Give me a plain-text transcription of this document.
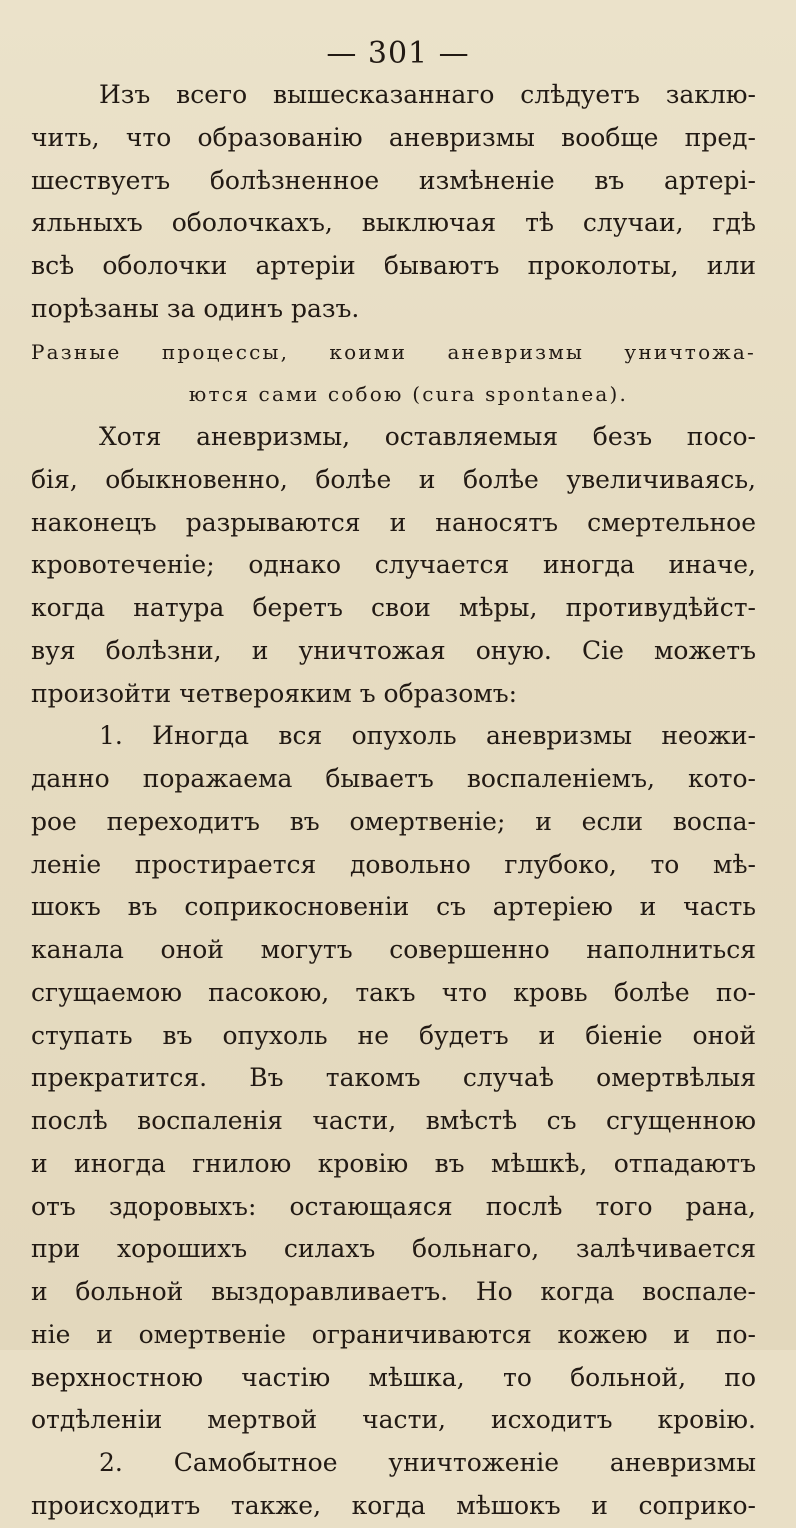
— 301 —
Изъ всего вышесказаннаго слѣдуетъ заклю-
чить, что образованію аневризмы вообще пред-
шествуетъ болѣзненное измѣненіе въ артері-
яльныхъ оболочкахъ, выключая тѣ случаи, гдѣ
всѣ оболочки артеріи бываютъ проколоты, или
порѣзаны за одинъ разъ.
Разные процессы, коими аневризмы уничтожа-
ются сами собою (cura spontanea).
Хотя аневризмы, оставляемыя безъ посо-
бія, обыкновенно, болѣе и болѣе увеличиваясь,
наконецъ разрываются и наносятъ смертельное
кровотеченіе; однако случается иногда иначе,
когда натура беретъ свои мѣры, противудѣйст-
вуя болѣзни, и уничтожая оную. Сіе можетъ
произойти четверояким ъ образомъ:
1. Иногда вся опухоль аневризмы неожи-
данно поражаема бываетъ воспаленіемъ, кото-
рое переходитъ въ омертвеніе; и если воспа-
леніе простирается довольно глубоко, то мѣ-
шокъ въ соприкосновеніи съ артеріею и часть
канала оной могутъ совершенно наполниться
сгущаемою пасокою, такъ что кровь болѣе по-
ступать въ опухоль не будетъ и біеніе оной
прекратится. Въ такомъ случаѣ омертвѣлыя
послѣ воспаленія части, вмѣстѣ съ сгущенною
и иногда гнилою кровію въ мѣшкѣ, отпадаютъ
отъ здоровыхъ: остающаяся послѣ того рана,
при хорошихъ силахъ больнаго, залѣчивается
и больной выздоравливаетъ. Но когда воспале-
ніе и омертвеніе ограничиваются кожею и по-
верхностною частію мѣшка, то больной, по
отдѣленіи мертвой части, исходитъ кровію.
2. Самобытное уничтоженіе аневризмы
происходитъ также, когда мѣшокъ и соприко-
